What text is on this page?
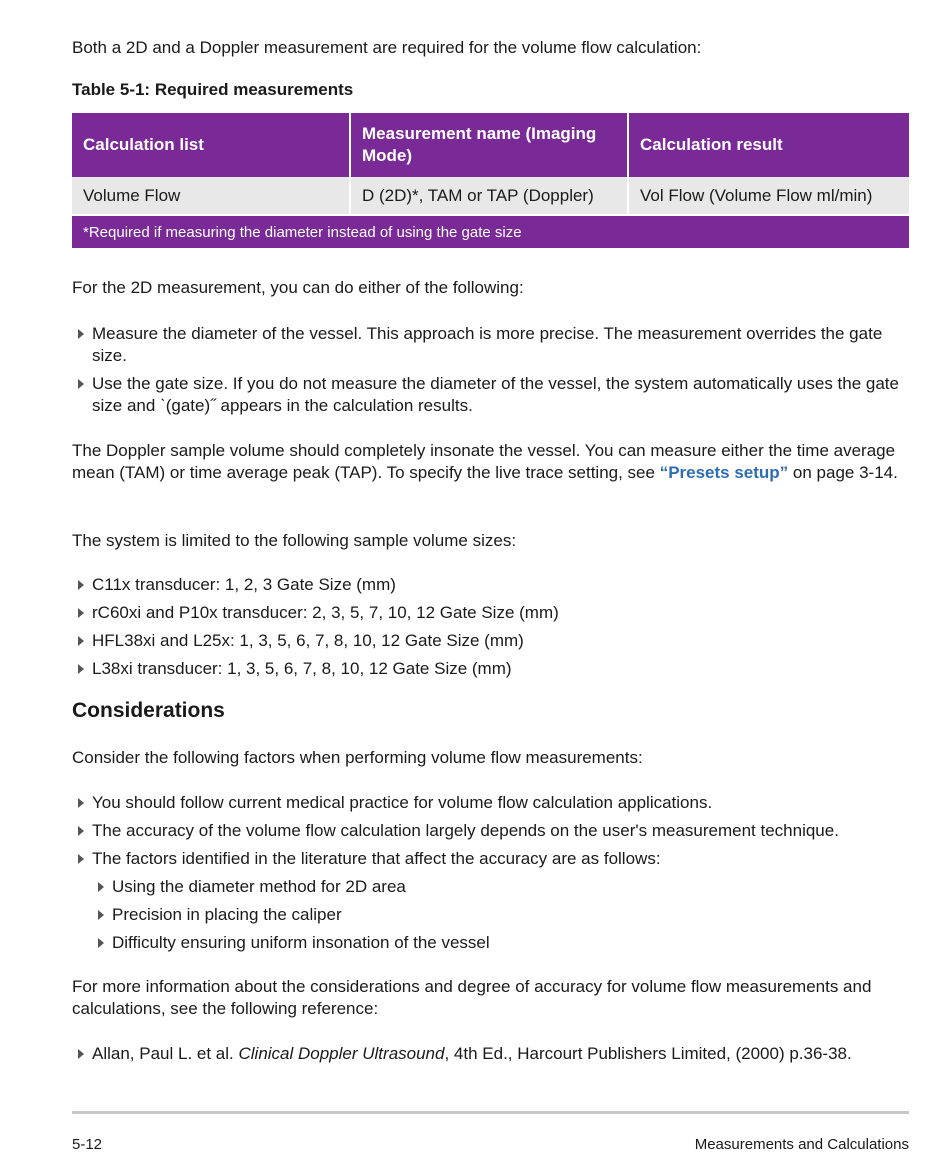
Both a 2D and a Doppler measurement are required for the volume flow calculation:

Table 5-1: Required measurements
Calculation list	Measurement name (Imaging Mode)	Calculation result
Volume Flow	D (2D)*, TAM or TAP (Doppler)	Vol Flow (Volume Flow ml/min)
*Required if measuring the diameter instead of using the gate size		

For the 2D measurement, you can do either of the following:

Measure the diameter of the vessel. This approach is more precise. The measurement overrides the gate size.
Use the gate size. If you do not measure the diameter of the vessel, the system automatically uses the gate size and ˋ(gate)˝ appears in the calculation results.

The Doppler sample volume should completely insonate the vessel. You can measure either the time average mean (TAM) or time average peak (TAP). To specify the live trace setting, see “Presets setup” on page 3-14.

The system is limited to the following sample volume sizes:

C11x transducer: 1, 2, 3 Gate Size (mm)
rC60xi and P10x transducer: 2, 3, 5, 7, 10, 12 Gate Size (mm)
HFL38xi and L25x: 1, 3, 5, 6, 7, 8, 10, 12 Gate Size (mm)
L38xi transducer: 1, 3, 5, 6, 7, 8, 10, 12 Gate Size (mm)
Considerations

Consider the following factors when performing volume flow measurements:

You should follow current medical practice for volume flow calculation applications.
The accuracy of the volume flow calculation largely depends on the user's measurement technique.
The factors identified in the literature that affect the accuracy are as follows:
Using the diameter method for 2D area
Precision in placing the caliper
Difficulty ensuring uniform insonation of the vessel

For more information about the considerations and degree of accuracy for volume flow measurements and calculations, see the following reference:

Allan, Paul L. et al. Clinical Doppler Ultrasound, 4th Ed., Harcourt Publishers Limited, (2000) p.36-38.
5-12	Measurements and Calculations
